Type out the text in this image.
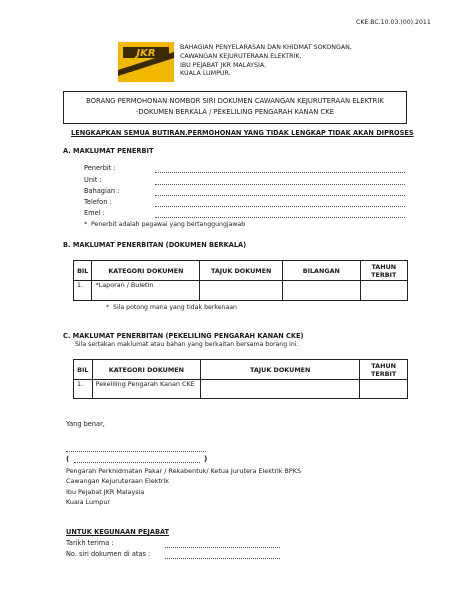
CKE.BC.10.03.(00).2011
JKR
BAHAGIAN PENYELARASAN DAN KHIDMAT SOKONGAN,
CAWANGAN KEJURUTERAAN ELEKTRIK,
IBU PEJABAT JKR MALAYSIA,
KUALA LUMPUR.
BORANG PERMOHONAN NOMBOR SIRI DOKUMEN CAWANGAN KEJURUTERAAN ELEKTRIK
-DOKUMEN BERKALA / PEKELILING PENGARAH KANAN CKE
LENGKAPKAN SEMUA BUTIRAN.PERMOHONAN YANG TIDAK LENGKAP TIDAK AKAN DIPROSES
A. MAKLUMAT PENERBIT
Penerbit :
Unit :
Bahagian :
Telefon :
Emel :
*  Penerbit adalah pegawai yang bertanggungjawab
B. MAKLUMAT PENERBITAN (DOKUMEN BERKALA)
BIL	KATEGORI DOKUMEN	TAJUK DOKUMEN	BILANGAN	TAHUN TERBIT
1.	*Laporan / Buletin			
*  Sila potong mana yang tidak berkenaan
C. MAKLUMAT PENERBITAN (PEKELILING PENGARAH KANAN CKE)
Sila sertakan maklumat atau bahan yang berkaitan bersama borang ini.
BIL	KATEGORI DOKUMEN	TAJUK DOKUMEN	TAHUN TERBIT
1.	Pekeliling Pengarah Kanan CKE		
Yang benar,
(	)
Pengarah Perkhidmatan Pakar / Rekabentuk/ Ketua Jurutera Elektrik BPKS
Cawangan Kejuruteraan Elektrik
Ibu Pejabat JKR Malaysia
Kuala Lumpur
UNTUK KEGUNAAN PEJABAT
Tarikh terima :
No. siri dokumen di atas :
